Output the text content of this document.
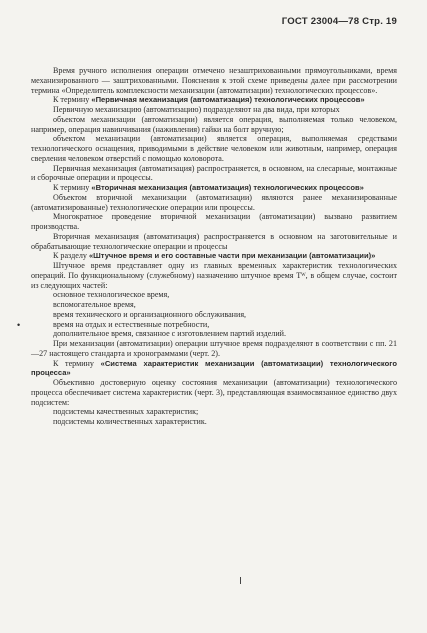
ГОСТ 23004—78 Стр. 19

Время ручного исполнения операции отмечено незаштрихованными прямоугольниками, время механизированного — заштрихованными. Пояснения к этой схеме приведены далее при рассмотрении термина «Определитель комплексности механизации (автоматизации) технологических процессов».

К термину «Первичная механизация (автоматизация) технологических процессов»

Первичную механизацию (автоматизацию) подразделяют на два вида, при которых

объектом механизации (автоматизации) является операция, выполняемая только человеком, например, операция навинчивания (наживления) гайки на болт вручную;

объектом механизации (автоматизации) является операция, выполняемая средствами технологического оснащения, приводимыми в действие человеком или животным, например, операция сверления человеком отверстий с помощью коловорота.

Первичная механизация (автоматизация) распространяется, в основном, на слесарные, монтажные и сборочные операции и процессы.

К термину «Вторичная механизация (автоматизация) технологических процессов»

Объектом вторичной механизации (автоматизации) являются ранее механизированные (автоматизированные) технологические операции или процессы.

Многократное проведение вторичной механизации (автоматизации) вызвано развитием производства.

Вторичная механизация (автоматизация) распространяется в основном на заготовительные и обрабатывающие технологические операции и процессы

К разделу «Штучное время и его составные части при механизации (автоматизации)»

Штучное время представляет одну из главных временных характеристик технологических операций. По функциональному (служебному) назначению штучное время Tᵂ, в общем случае, состоит из следующих частей:

основное технологическое время,

вспомогательное время,

время технического и организационного обслуживания,

время на отдых и естественные потребности,

дополнительное время, связанное с изготовлением партий изделий.

При механизации (автоматизации) операции штучное время подразделяют в соответствии с пп. 21—27 настоящего стандарта и хронограммами (черт. 2).

К термину «Система характеристик механизации (автоматизации) технологического процесса»

Объективно достоверную оценку состояния механизации (автоматизации) технологического процесса обеспечивает система характеристик (черт. 3), представляющая взаимосвязанное единство двух подсистем:

подсистемы качественных характеристик;

подсистемы количественных характеристик.

•
